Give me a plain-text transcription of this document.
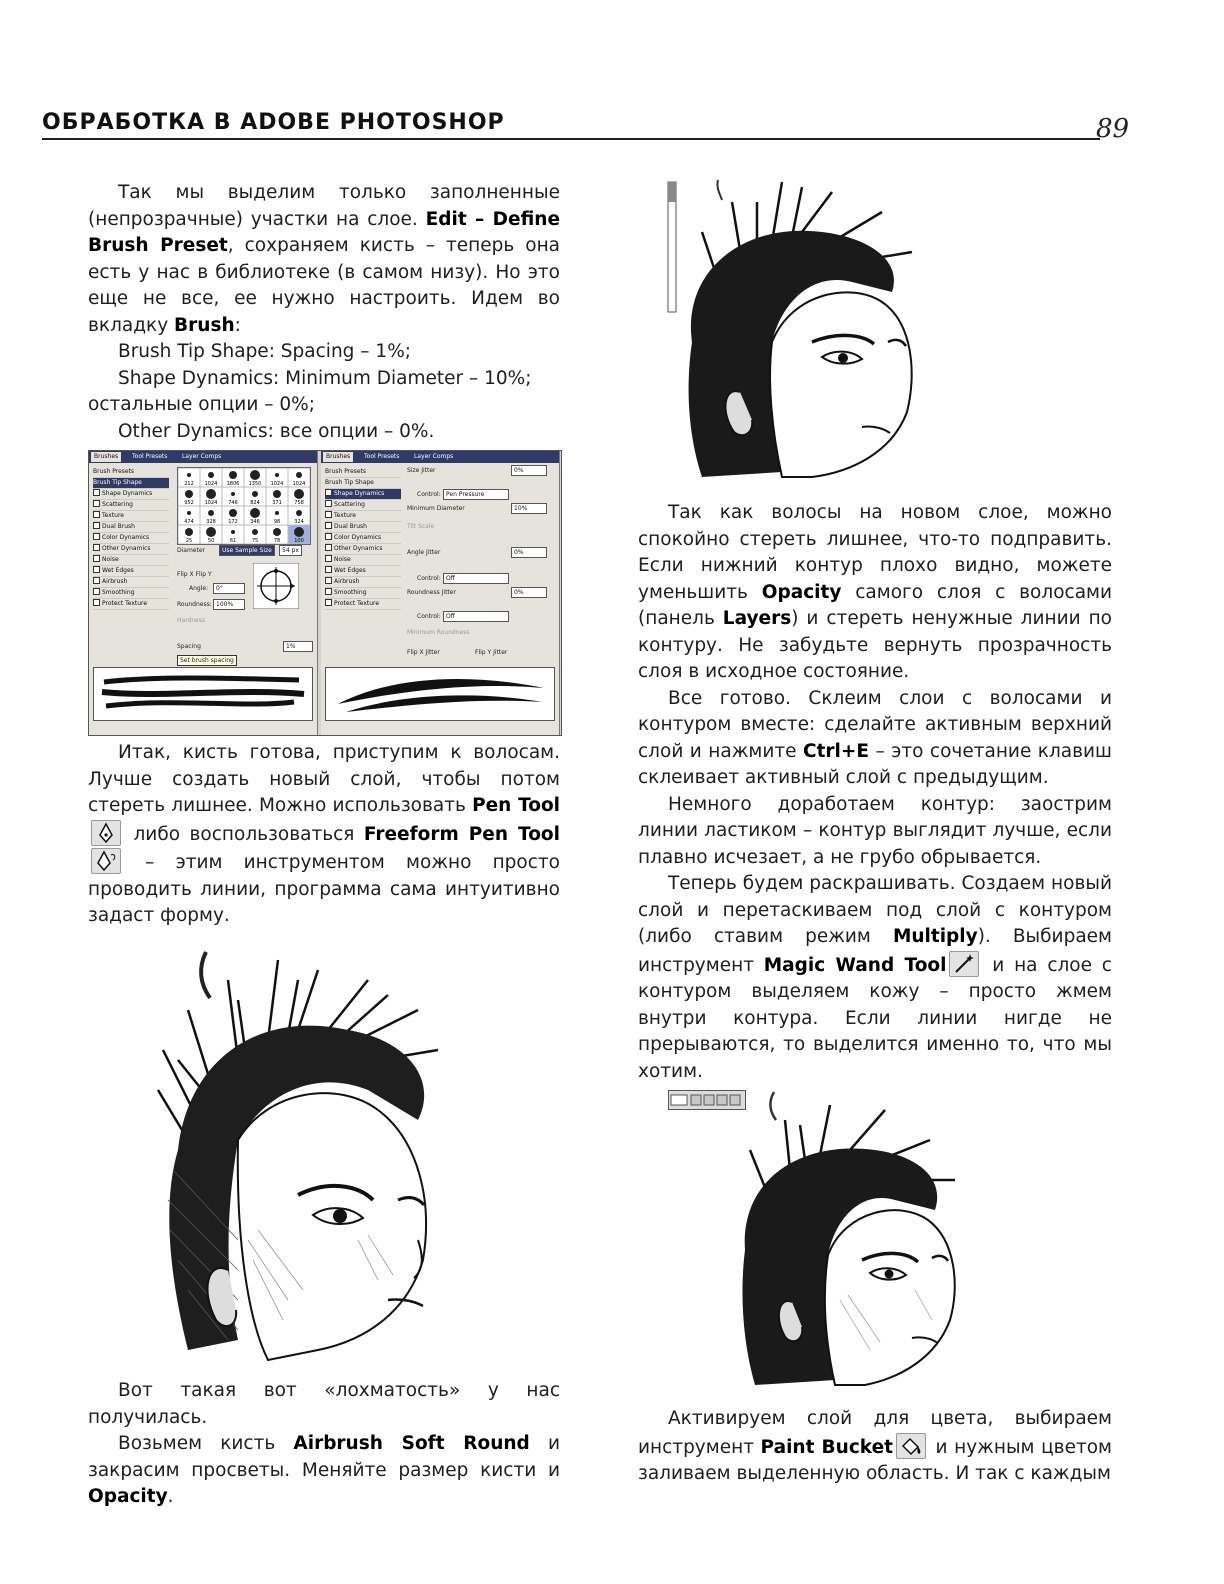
ОБРАБОТКА В ADOBE PHOTOSHOP	89

Так мы выделим только заполненные (непрозрачные) участки на слое. Edit – Define Brush Preset, сохраняем кисть – теперь она есть у нас в библиотеке (в самом низу). Но это еще не все, ее нужно настроить. Идем во вкладку Brush:

Brush Tip Shape: Spacing – 1%;

Shape Dynamics: Minimum Diameter – 10%; остальные опции – 0%;

Other Dynamics: все опции – 0%.

Brushes	Tool Presets	Layer Comps
Brush Presets
Brush Tip Shape
Shape Dynamics
Scattering
Texture
Dual Brush
Color Dynamics
Other Dynamics
Noise
Wet Edges
Airbrush
Smoothing
Protect Texture
212 1024 1806 1350 1024 1024
952 1024 746 824 371 758
474 328 172 346	98	324
25	50	61	75	78	100
Diameter	Use Sample Size	54 px
Flip X Flip Y
Angle:	0°
Roundness: 100%
Hardness
Spacing	1%
Set brush spacing
Brushes	Tool Presets	Layer Comps
Brush Presets
Brush Tip Shape
Shape Dynamics
Scattering
Texture
Dual Brush
Color Dynamics
Other Dynamics
Noise
Wet Edges
Airbrush
Smoothing
Protect Texture
Size Jitter	0%
Control: Pen Pressure
Minimum Diameter	10%
Tilt Scale
Angle Jitter	0%
Control: Off
Roundness Jitter	0%
Control: Off
Minimum Roundness
Flip X Jitter	Flip Y Jitter

Итак, кисть готова, приступим к волосам. Лучше создать новый слой, чтобы потом стереть лишнее. Можно использовать Pen Tool
либо воспользоваться Freeform Pen Tool
– этим инструментом можно просто проводить линии, программа сама интуитивно задаст форму.

Вот такая вот «лохматость» у нас получилась.

Возьмем кисть Airbrush Soft Round и закрасим просветы. Меняйте размер кисти и Opacity.

Так как волосы на новом слое, можно спокойно стереть лишнее, что-то подправить. Если нижний контур плохо видно, можете уменьшить Opacity самого слоя с волосами (панель Layers) и стереть ненужные линии по контуру. Не забудьте вернуть прозрачность слоя в исходное состояние.

Все готово. Склеим слои с волосами и контуром вместе: сделайте активным верхний слой и нажмите Ctrl+E – это сочетание клавиш склеивает активный слой с предыдущим.

Немного доработаем контур: заострим линии ластиком – контур выглядит лучше, если плавно исчезает, а не грубо обрывается.

Теперь будем раскрашивать. Создаем новый слой и перетаскиваем под слой с контуром (либо ставим режим Multiply). Выбираем инструмент Magic Wand Tool
и на слое с контуром выделяем кожу – просто жмем внутри контура. Если линии нигде не прерываются, то выделится именно то, что мы хотим.

Активируем слой для цвета, выбираем инструмент Paint Bucket
и нужным цветом заливаем выделенную область. И так с каждым
